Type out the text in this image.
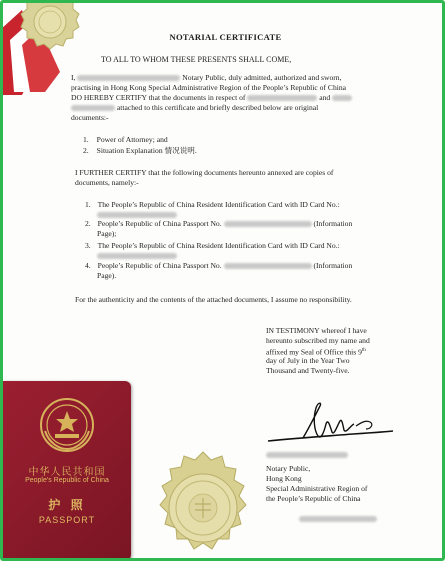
NOTARIAL CERTIFICATE
TO ALL TO WHOM THESE PRESENTS SHALL COME,
I,	Notary Public, duly admitted, authorized and sworn,
practising in Hong Kong Special Administrative Region of the People’s Republic of China
DO HEREBY CERTIFY that the documents in respect of	and
attached to this certificate and briefly described below are original
documents:-
1. Power of Attorney; and
2. Situation Explanation 情况说明.
I FURTHER CERTIFY that the following documents hereunto annexed are copies of
documents, namely:-
1. The People’s Republic of China Resident Identification Card with ID Card No.:
2. People’s Republic of China Passport No.	(Information
Page);
3. The People’s Republic of China Resident Identification Card with ID Card No.:
4. People’s Republic of China Passport No.	(Information
Page).
For the authenticity and the contents of the attached documents, I assume no responsibility.
IN TESTIMONY whereof I have
hereunto subscribed my name and
affixed my Seal of Office this 9th
day of July in the Year Two
Thousand and Twenty-five.
Notary Public,
Hong Kong
Special Administrative Region of
the People’s Republic of China
中华人民共和国
People's Republic of China
护 照
PASSPORT
